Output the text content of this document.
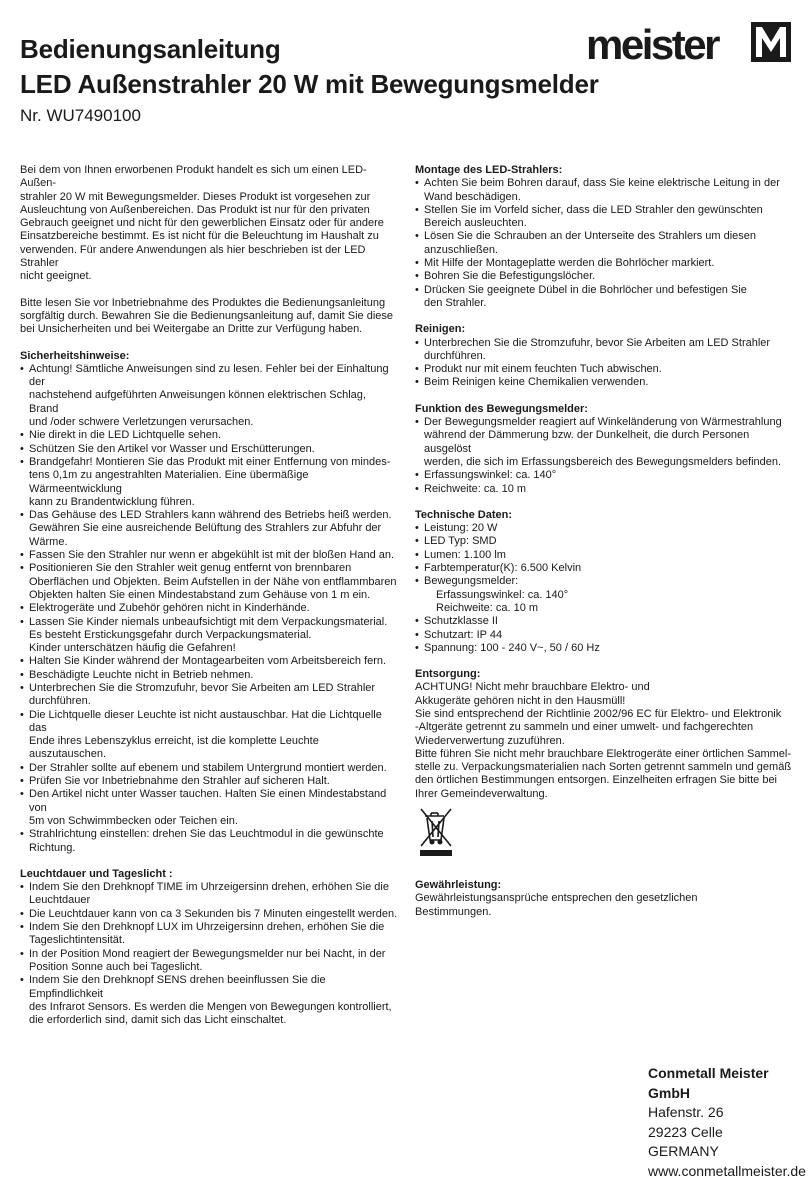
Bedienungsanleitung
LED Außenstrahler 20 W mit Bewegungsmelder
Nr. WU7490100
meister

Bei dem von Ihnen erworbenen Produkt handelt es sich um einen LED-Außen-
strahler 20 W mit Bewegungsmelder. Dieses Produkt ist vorgesehen zur
Ausleuchtung von Außenbereichen. Das Produkt ist nur für den privaten
Gebrauch geeignet und nicht für den gewerblichen Einsatz oder für andere
Einsatzbereiche bestimmt. Es ist nicht für die Beleuchtung im Haushalt zu
verwenden. Für andere Anwendungen als hier beschrieben ist der LED Strahler
nicht geeignet.

Bitte lesen Sie vor Inbetriebnahme des Produktes die Bedienungsanleitung
sorgfältig durch. Bewahren Sie die Bedienungsanleitung auf, damit Sie diese
bei Unsicherheiten und bei Weitergabe an Dritte zur Verfügung haben.

Sicherheitshinweise:

• Achtung! Sämtliche Anweisungen sind zu lesen. Fehler bei der Einhaltung der
nachstehend aufgeführten Anweisungen können elektrischen Schlag, Brand
und /oder schwere Verletzungen verursachen.
• Nie direkt in die LED Lichtquelle sehen.
• Schützen Sie den Artikel vor Wasser und Erschütterungen.
• Brandgefahr! Montieren Sie das Produkt mit einer Entfernung von mindes-
tens 0,1m zu angestrahlten Materialien. Eine übermäßige Wärmeentwicklung
kann zu Brandentwicklung führen.
• Das Gehäuse des LED Strahlers kann während des Betriebs heiß werden.
Gewähren Sie eine ausreichende Belüftung des Strahlers zur Abfuhr der
Wärme.
• Fassen Sie den Strahler nur wenn er abgekühlt ist mit der bloßen Hand an.
• Positionieren Sie den Strahler weit genug entfernt von brennbaren
Oberflächen und Objekten. Beim Aufstellen in der Nähe von entflammbaren
Objekten halten Sie einen Mindestabstand zum Gehäuse von 1 m ein.
• Elektrogeräte und Zubehör gehören nicht in Kinderhände.
• Lassen Sie Kinder niemals unbeaufsichtigt mit dem Verpackungsmaterial.
Es besteht Erstickungsgefahr durch Verpackungsmaterial.
Kinder unterschätzen häufig die Gefahren!
• Halten Sie Kinder während der Montagearbeiten vom Arbeitsbereich fern.
• Beschädigte Leuchte nicht in Betrieb nehmen.
• Unterbrechen Sie die Stromzufuhr, bevor Sie Arbeiten am LED Strahler
durchführen.
• Die Lichtquelle dieser Leuchte ist nicht austauschbar. Hat die Lichtquelle das
Ende ihres Lebenszyklus erreicht, ist die komplette Leuchte auszutauschen.
• Der Strahler sollte auf ebenem und stabilem Untergrund montiert werden.
• Prüfen Sie vor Inbetriebnahme den Strahler auf sicheren Halt.
• Den Artikel nicht unter Wasser tauchen. Halten Sie einen Mindestabstand von
5m von Schwimmbecken oder Teichen ein.
• Strahlrichtung einstellen: drehen Sie das Leuchtmodul in die gewünschte
Richtung.

Leuchtdauer und Tageslicht :

• Indem Sie den Drehknopf TIME im Uhrzeigersinn drehen, erhöhen Sie die
Leuchtdauer
• Die Leuchtdauer kann von ca 3 Sekunden bis 7 Minuten eingestellt werden.
• Indem Sie den Drehknopf LUX im Uhrzeigersinn drehen, erhöhen Sie die
Tageslichtintensität.
• In der Position Mond reagiert der Bewegungsmelder nur bei Nacht, in der
Position Sonne auch bei Tageslicht.
• Indem Sie den Drehknopf SENS drehen beeinflussen Sie die Empfindlichkeit
des Infrarot Sensors. Es werden die Mengen von Bewegungen kontrolliert,
die erforderlich sind, damit sich das Licht einschaltet.

Montage des LED-Strahlers:

• Achten Sie beim Bohren darauf, dass Sie keine elektrische Leitung in der
Wand beschädigen.
• Stellen Sie im Vorfeld sicher, dass die LED Strahler den gewünschten
Bereich ausleuchten.
• Lösen Sie die Schrauben an der Unterseite des Strahlers um diesen
anzuschließen.
• Mit Hilfe der Montageplatte werden die Bohrlöcher markiert.
• Bohren Sie die Befestigungslöcher.
• Drücken Sie geeignete Dübel in die Bohrlöcher und befestigen Sie
den Strahler.

Reinigen:

• Unterbrechen Sie die Stromzufuhr, bevor Sie Arbeiten am LED Strahler
durchführen.
• Produkt nur mit einem feuchten Tuch abwischen.
• Beim Reinigen keine Chemikalien verwenden.

Funktion des Bewegungsmelder:

• Der Bewegungsmelder reagiert auf Winkeländerung von Wärmestrahlung
während der Dämmerung bzw. der Dunkelheit, die durch Personen ausgelöst
werden, die sich im Erfassungsbereich des Bewegungsmelders befinden.
• Erfassungswinkel: ca. 140°
• Reichweite: ca. 10 m

Technische Daten:

• Leistung: 20 W
• LED Typ: SMD
• Lumen: 1.100 lm
• Farbtemperatur(K): 6.500 Kelvin
• Bewegungsmelder:
Erfassungswinkel: ca. 140°
Reichweite: ca. 10 m
• Schutzklasse II
• Schutzart: IP 44
• Spannung: 100 - 240 V~, 50 / 60 Hz

Entsorgung:

ACHTUNG! Nicht mehr brauchbare Elektro- und
Akkugeräte gehören nicht in den Hausmüll!
Sie sind entsprechend der Richtlinie 2002/96 EC für Elektro- und Elektronik
-Altgeräte getrennt zu sammeln und einer umwelt- und fachgerechten
Wiederverwertung zuzuführen.
Bitte führen Sie nicht mehr brauchbare Elektrogeräte einer örtlichen Sammel-
stelle zu. Verpackungsmaterialien nach Sorten getrennt sammeln und gemäß
den örtlichen Bestimmungen entsorgen. Einzelheiten erfragen Sie bitte bei
Ihrer Gemeindeverwaltung.

Gewährleistung:

Gewährleistungsansprüche entsprechen den gesetzlichen
Bestimmungen.

Conmetall Meister GmbH
Hafenstr. 26
29223 Celle
GERMANY
www.conmetallmeister.de
